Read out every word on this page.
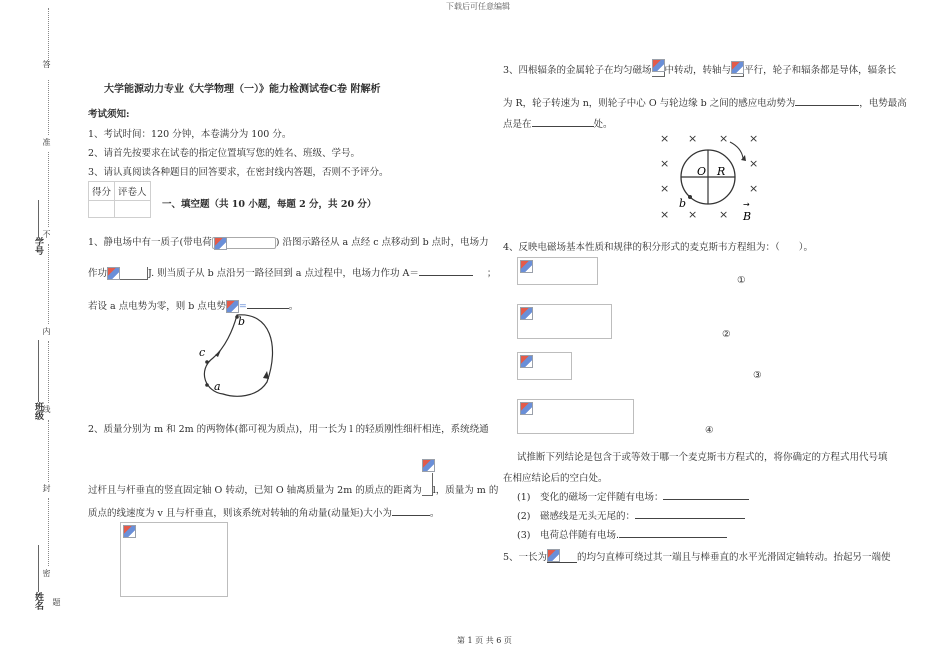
下载后可任意编辑
第 1 页 共 6 页
答
准
不
内
线
封
密
题
学号
班级
姓名
大学能源动力专业《大学物理（一）》能力检测试卷C卷 附解析
考试须知:
1、考试时间：120 分钟，本卷满分为 100 分。
2、请首先按要求在试卷的指定位置填写您的姓名、班级、学号。
3、请认真阅读各种题目的回答要求，在密封线内答题，否则不予评分。
得分	评卷人

一、填空题（共 10 小题，每题 2 分，共 20 分）
1、静电场中有一质子(带电荷	) 沿图示路径从 a 点经 c 点移动到 b 点时，电场力
作功	J. 则当质子从 b 点沿另一路径回到 a 点过程中，电场力作功 A＝	；
若设 a 点电势为零，则 b 点电势 =	。
b
c
a
2、质量分别为 m 和 2m 的两物体(都可视为质点)，用一长为 l 的轻质刚性细杆相连，系统绕通
过杆且与杆垂直的竖直固定轴 O 转动，已知 O 轴离质量为 2m 的质点的距离为 l，质量为 m 的
质点的线速度为 v 且与杆垂直，则该系统对转轴的角动量(动量矩)大小为	。
3、四根辐条的金属轮子在均匀磁场 中转动，转轴与 平行，轮子和辐条都是导体，辐条长
为 R，轮子转速为 n，则轮子中心 O 与轮边缘 b 之间的感应电动势为	，电势最高
点是在	处。
× × × ×
×	×
×	×
× × ×
O R
b
B
→
4、反映电磁场基本性质和规律的积分形式的麦克斯韦方程组为：（　　）。
①
②
③
④
试推断下列结论是包含于或等效于哪一个麦克斯韦方程式的，将你确定的方程式用代号填
在相应结论后的空白处。
(1)　变化的磁场一定伴随有电场：
(2)　磁感线是无头无尾的：
(3)　电荷总伴随有电场.
5、一长为	的均匀直棒可绕过其一端且与棒垂直的水平光滑固定轴转动。抬起另一端使
